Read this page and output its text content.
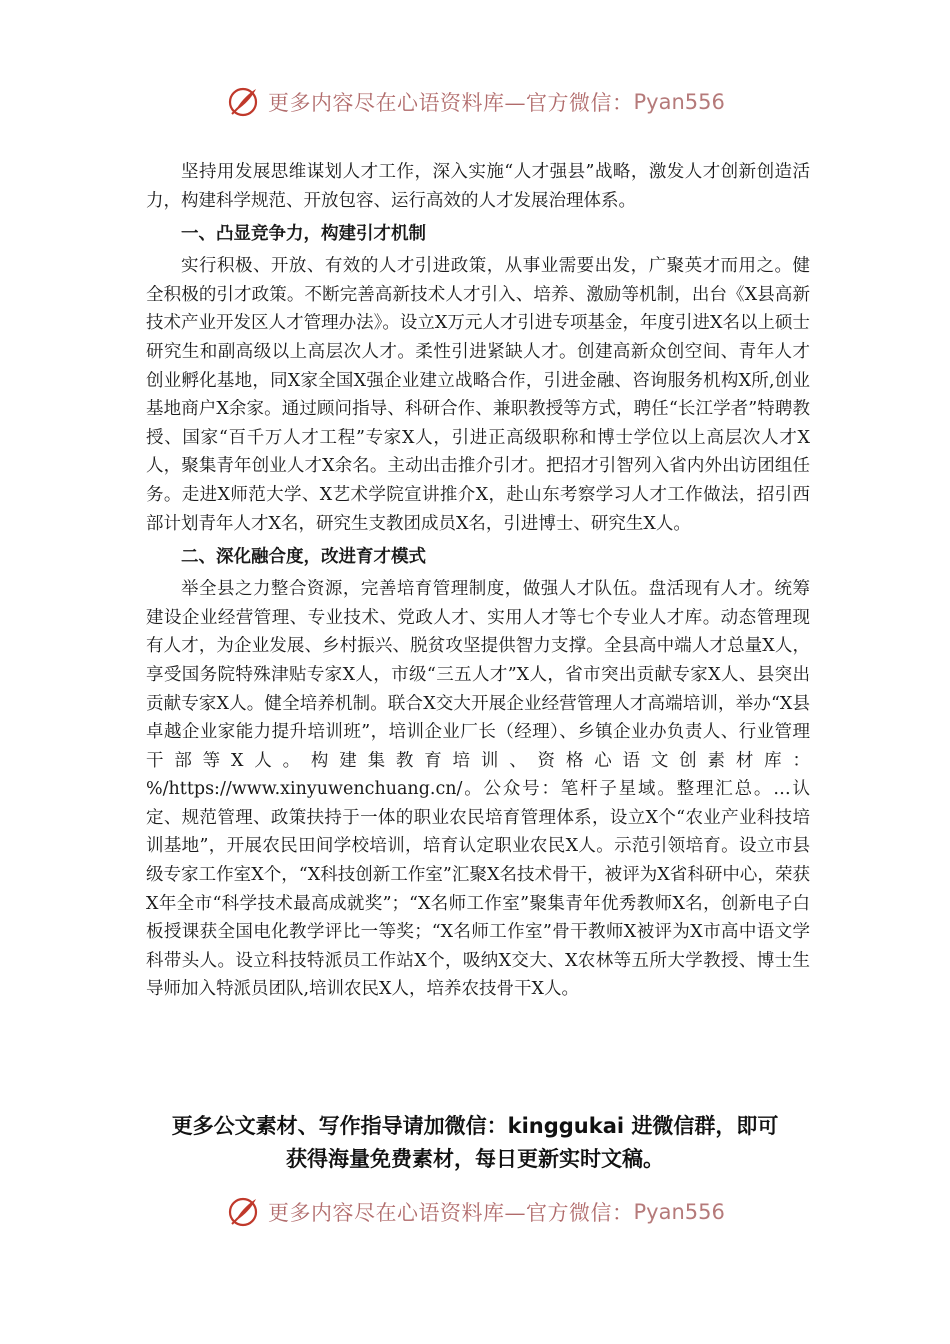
更多内容尽在心语资料库—官方微信： Pyan556

坚持用发展思维谋划人才工作，深入实施“人才强县”战略，激发人才创新创造活力，构建科学规范、开放包容、运行高效的人才发展治理体系。

一、凸显竞争力，构建引才机制

实行积极、开放、有效的人才引进政策，从事业需要出发，广聚英才而用之。健全积极的引才政策。不断完善高新技术人才引入、培养、激励等机制，出台《X县高新技术产业开发区人才管理办法》。设立X万元人才引进专项基金，年度引进X名以上硕士研究生和副高级以上高层次人才。柔性引进紧缺人才。创建高新众创空间、青年人才创业孵化基地，同X家全国X强企业建立战略合作，引进金融、咨询服务机构X所,创业基地商户X余家。通过顾问指导、科研合作、兼职教授等方式，聘任“长江学者”特聘教授、国家“百千万人才工程”专家X人，引进正高级职称和博士学位以上高层次人才X人，聚集青年创业人才X余名。主动出击推介引才。把招才引智列入省内外出访团组任务。走进X师范大学、X艺术学院宣讲推介X，赴山东考察学习人才工作做法，招引西部计划青年人才X名，研究生支教团成员X名，引进博士、研究生X人。

二、深化融合度，改进育才模式

举全县之力整合资源，完善培育管理制度，做强人才队伍。盘活现有人才。统筹建设企业经营管理、专业技术、党政人才、实用人才等七个专业人才库。动态管理现有人才，为企业发展、乡村振兴、脱贫攻坚提供智力支撑。全县高中端人才总量X人，享受国务院特殊津贴专家X人，市级“三五人才”X人，省市突出贡献专家X人、县突出贡献专家X人。健全培养机制。联合X交大开展企业经营管理人才高端培训，举办“X县卓越企业家能力提升培训班”，培训企业厂长（经理）、乡镇企业办负责人、行业管理干部等X人。构建集教育培训、资格心语文创素材库：%/https://www.xinyuwenchuang.cn/。公众号：笔杆子星域。整理汇总。…认定、规范管理、政策扶持于一体的职业农民培育管理体系，设立X个“农业产业科技培训基地”，开展农民田间学校培训，培育认定职业农民X人。示范引领培育。设立市县级专家工作室X个，“X科技创新工作室”汇聚X名技术骨干，被评为X省科研中心，荣获X年全市“科学技术最高成就奖”；“X名师工作室”聚集青年优秀教师X名，创新电子白板授课获全国电化教学评比一等奖；“X名师工作室”骨干教师X被评为X市高中语文学科带头人。设立科技特派员工作站X个，吸纳X交大、X农林等五所大学教授、博士生导师加入特派员团队,培训农民X人，培养农技骨干X人。

更多公文素材、写作指导请加微信：kinggukai 进微信群，即可
获得海量免费素材，每日更新实时文稿。
更多内容尽在心语资料库—官方微信： Pyan556
